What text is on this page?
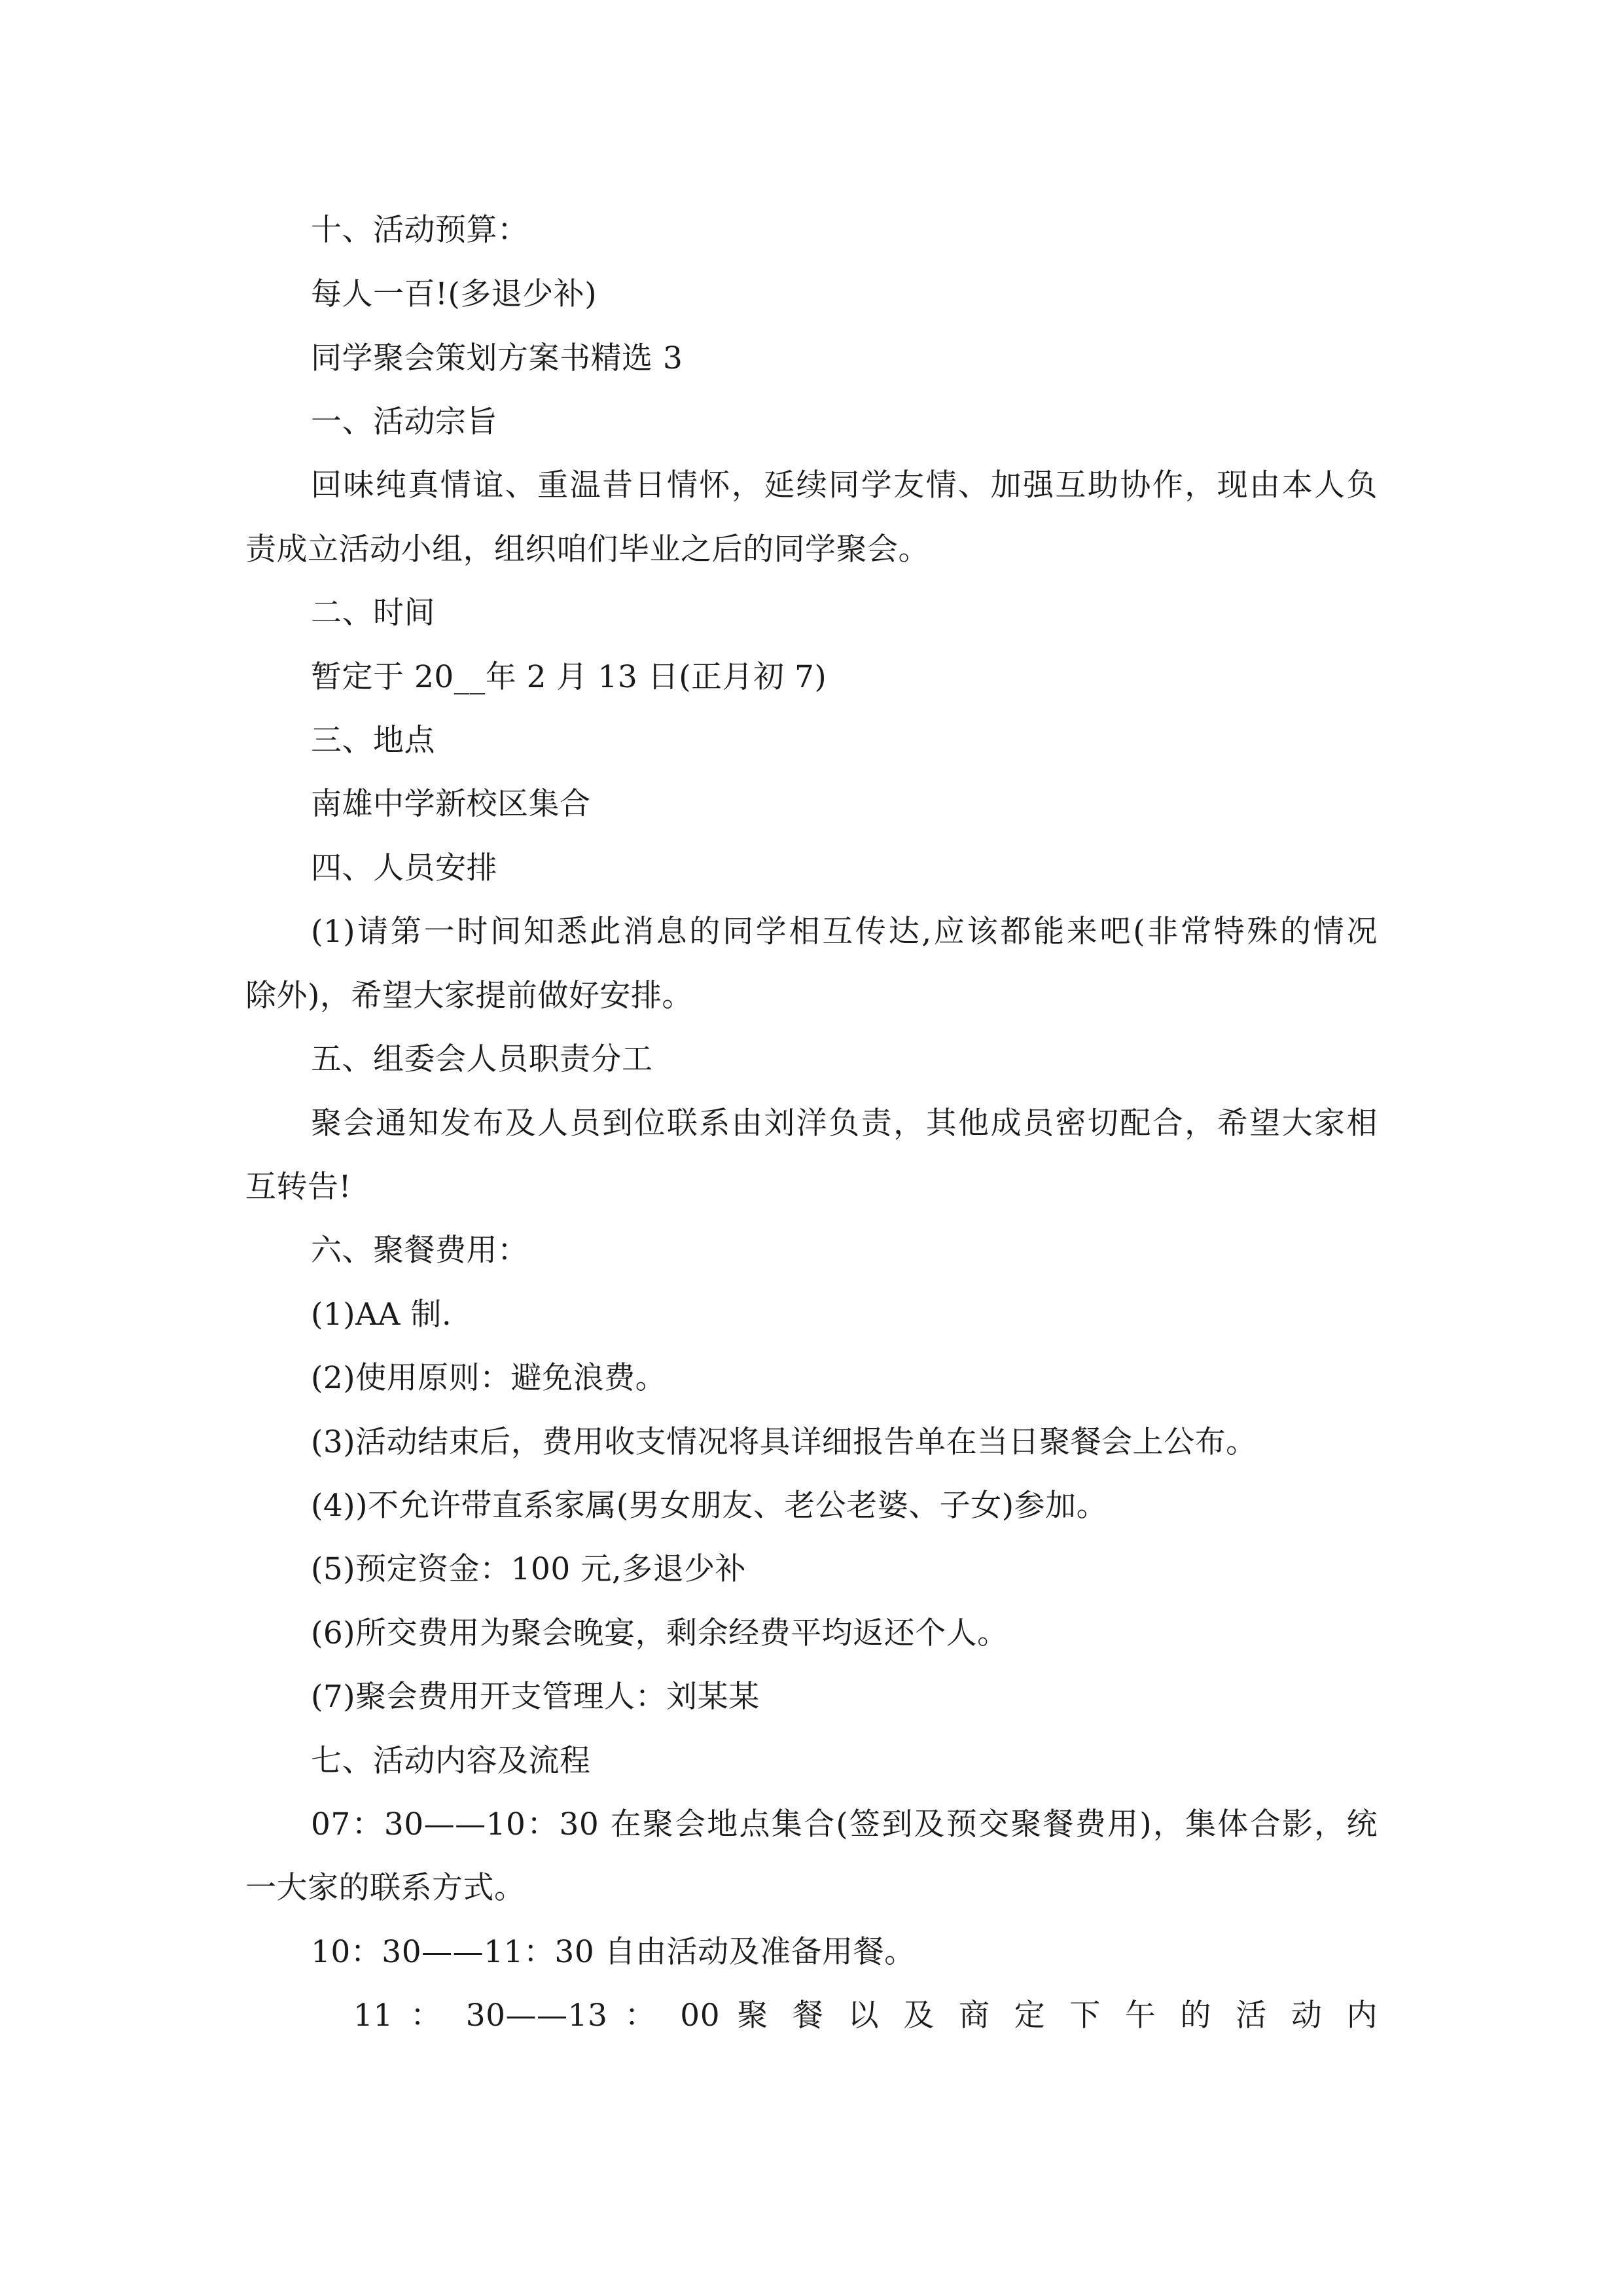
十、活动预算：
每人一百!(多退少补)
同学聚会策划方案书精选 3
一、活动宗旨
回味纯真情谊、重温昔日情怀，延续同学友情、加强互助协作，现由本人负
责成立活动小组，组织咱们毕业之后的同学聚会。
二、时间
暂定于 20__年 2 月 13 日(正月初 7)
三、地点
南雄中学新校区集合
四、人员安排
(1)请第一时间知悉此消息的同学相互传达,应该都能来吧(非常特殊的情况
除外)，希望大家提前做好安排。
五、组委会人员职责分工
聚会通知发布及人员到位联系由刘洋负责，其他成员密切配合，希望大家相
互转告!
六、聚餐费用：
(1)AA 制.
(2)使用原则：避免浪费。
(3)活动结束后，费用收支情况将具详细报告单在当日聚餐会上公布。
(4))不允许带直系家属(男女朋友、老公老婆、子女)参加。
(5)预定资金：100 元,多退少补
(6)所交费用为聚会晚宴，剩余经费平均返还个人。
(7)聚会费用开支管理人：刘某某
七、活动内容及流程
07：30——10：30 在聚会地点集合(签到及预交聚餐费用)，集体合影，统
一大家的联系方式。
10：30——11：30 自由活动及准备用餐。
11 ： 30——13 ： 00 聚 餐 以 及 商 定 下 午 的 活 动 内
